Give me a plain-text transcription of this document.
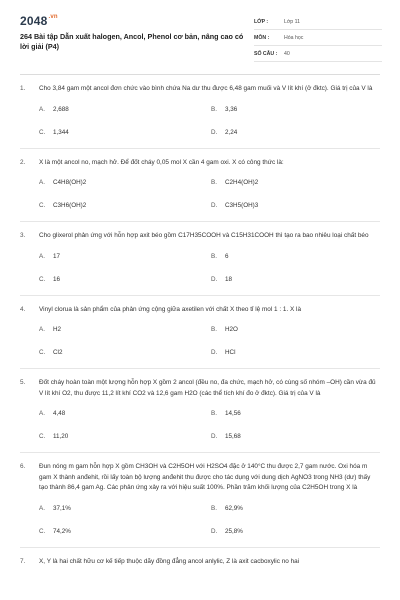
$2048^{.vn}$
264 Bài tập Dẫn xuất halogen, Ancol, Phenol cơ bản, nâng cao có lời giải (P4)
LỚP :	Lớp 11
MÔN :	Hóa học
SỐ CÂU :	40
1.	Cho 3,84 gam một ancol đơn chức vào bình chứa Na dư thu được 6,48 gam muối và V lít khí (ở đktc). Giá trị của V là
A.	2,688	B.	3,36
C.	1,344	D.	2,24
2.	X là một ancol no, mạch hở. Để đốt cháy 0,05 mol X cần 4 gam oxi. X có công thức là:
A.	C4H8(OH)2	B.	C2H4(OH)2
C.	C3H6(OH)2	D.	C3H5(OH)3
3.	Cho glixerol phản ứng với hỗn hợp axit béo gồm C17H35COOH và C15H31COOH thì tạo ra bao nhiêu loại chất béo
A.	17	B.	6
C.	16	D.	18
4.	Vinyl clorua là sản phẩm của phản ứng cộng giữa axetilen với chất X theo tỉ lệ mol 1 : 1. X là
A.	H2	B.	H2O
C.	Cl2	D.	HCl
5.	Đốt cháy hoàn toàn một lượng hỗn hợp X gồm 2 ancol (đều no, đa chức, mạch hở, có cùng số nhóm –OH) cần vừa đủ V lít khí O2, thu được 11,2 lít khí CO2 và 12,6 gam H2O (các thể tích khí đo ở đktc). Giá trị của V là
A.	4,48	B.	14,56
C.	11,20	D.	15,68
6.	Đun nóng m gam hỗn hợp X gồm CH3OH và C2H5OH với H2SO4 đặc ở 140°C thu được 2,7 gam nước. Oxi hóa m gam X thành anđehit, rồi lấy toàn bộ lượng anđehit thu được cho tác dụng với dung dịch AgNO3 trong NH3 (dư) thấy tạo thành 86,4 gam Ag. Các phản ứng xảy ra với hiệu suất 100%. Phần trăm khối lượng của C2H5OH trong X là
A.	37,1%	B.	62,9%
C.	74,2%	D.	25,8%
7.	X, Y là hai chất hữu cơ kế tiếp thuộc dãy đồng đẳng ancol anlylic, Z là axit cacboxylic no hai
